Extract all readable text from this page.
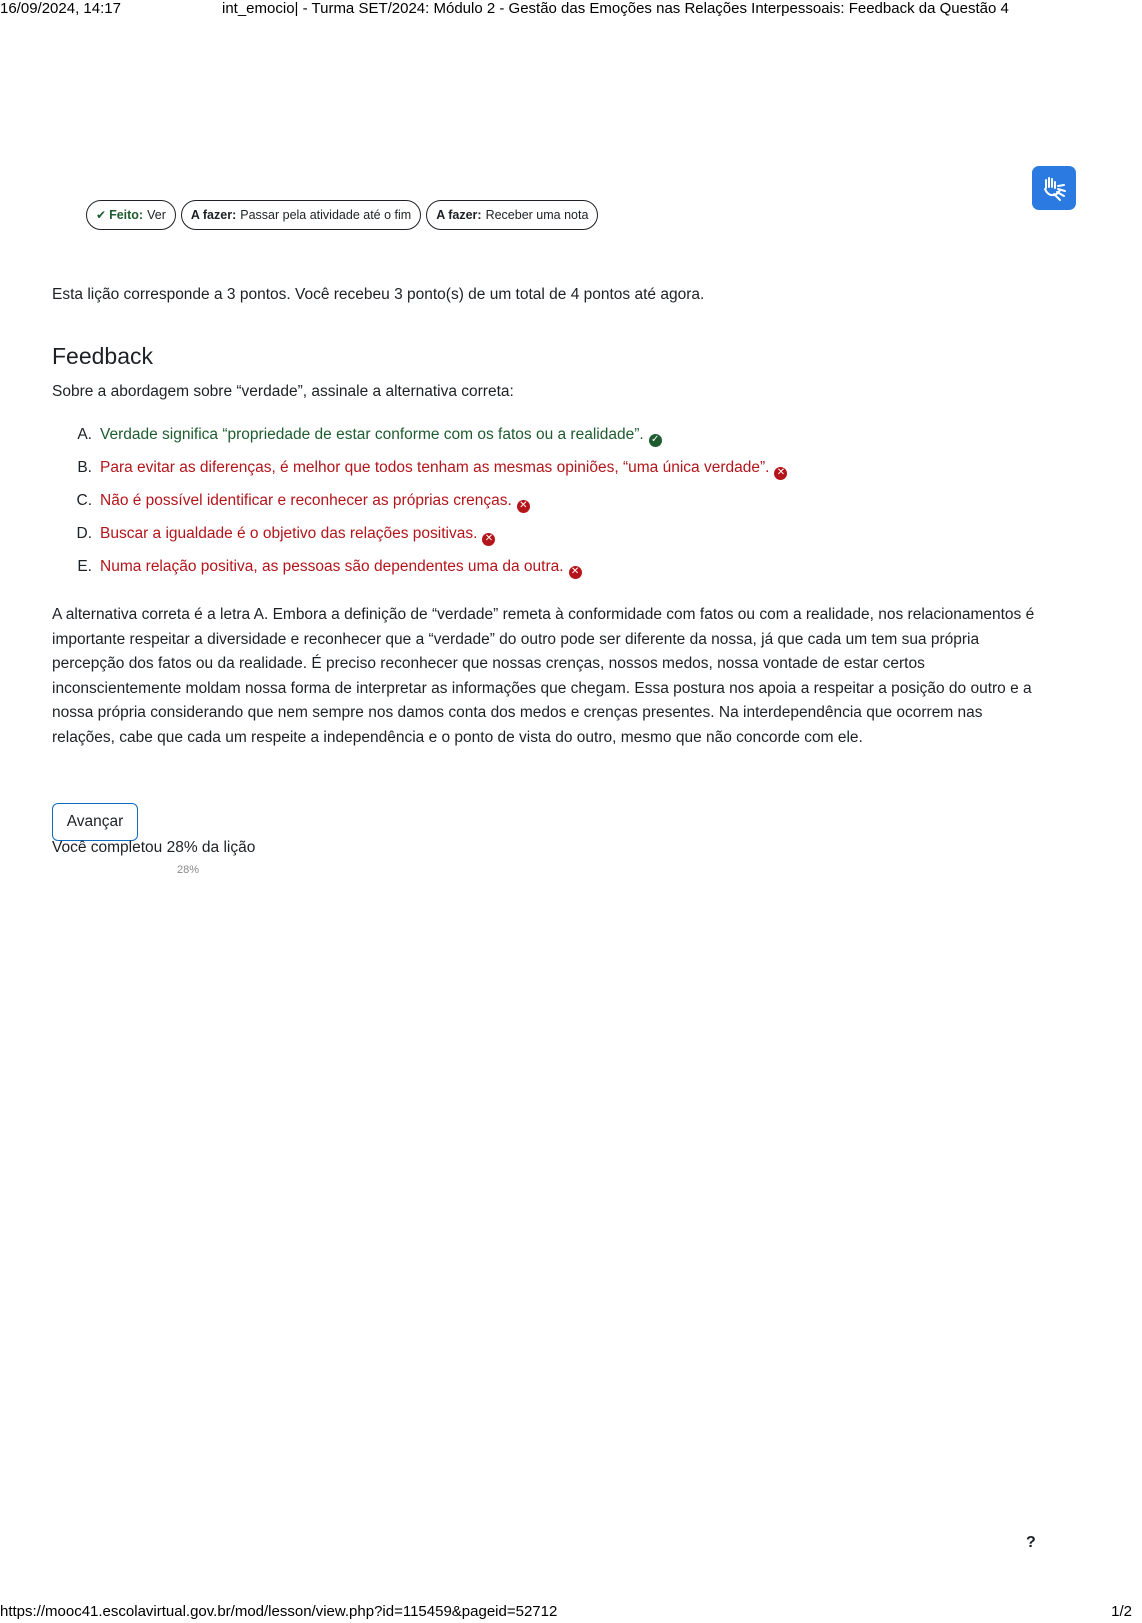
16/09/2024, 14:17	int_emocio| - Turma SET/2024: Módulo 2 - Gestão das Emoções nas Relações Interpessoais: Feedback da Questão 4
✔ Feito: Ver A fazer: Passar pela atividade até o fim A fazer: Receber uma nota
Esta lição corresponde a 3 pontos. Você recebeu 3 ponto(s) de um total de 4 pontos até agora.
Feedback
Sobre a abordagem sobre “verdade”, assinale a alternativa correta:
A. Verdade significa “propriedade de estar conforme com os fatos ou a realidade”. ✓
B. Para evitar as diferenças, é melhor que todos tenham as mesmas opiniões, “uma única verdade”. ✕
C. Não é possível identificar e reconhecer as próprias crenças. ✕
D. Buscar a igualdade é o objetivo das relações positivas. ✕
E. Numa relação positiva, as pessoas são dependentes uma da outra. ✕
A alternativa correta é a letra A. Embora a definição de “verdade” remeta à conformidade com fatos ou com a realidade, nos relacionamentos é importante respeitar a diversidade e reconhecer que a “verdade” do outro pode ser diferente da nossa, já que cada um tem sua própria percepção dos fatos ou da realidade. É preciso reconhecer que nossas crenças, nossos medos, nossa vontade de estar certos inconscientemente moldam nossa forma de interpretar as informações que chegam. Essa postura nos apoia a respeitar a posição do outro e a nossa própria considerando que nem sempre nos damos conta dos medos e crenças presentes. Na interdependência que ocorrem nas relações, cabe que cada um respeite a independência e o ponto de vista do outro, mesmo que não concorde com ele.
Avançar
Você completou 28% da lição
28%
?
https://mooc41.escolavirtual.gov.br/mod/lesson/view.php?id=115459&pageid=52712	1/2
